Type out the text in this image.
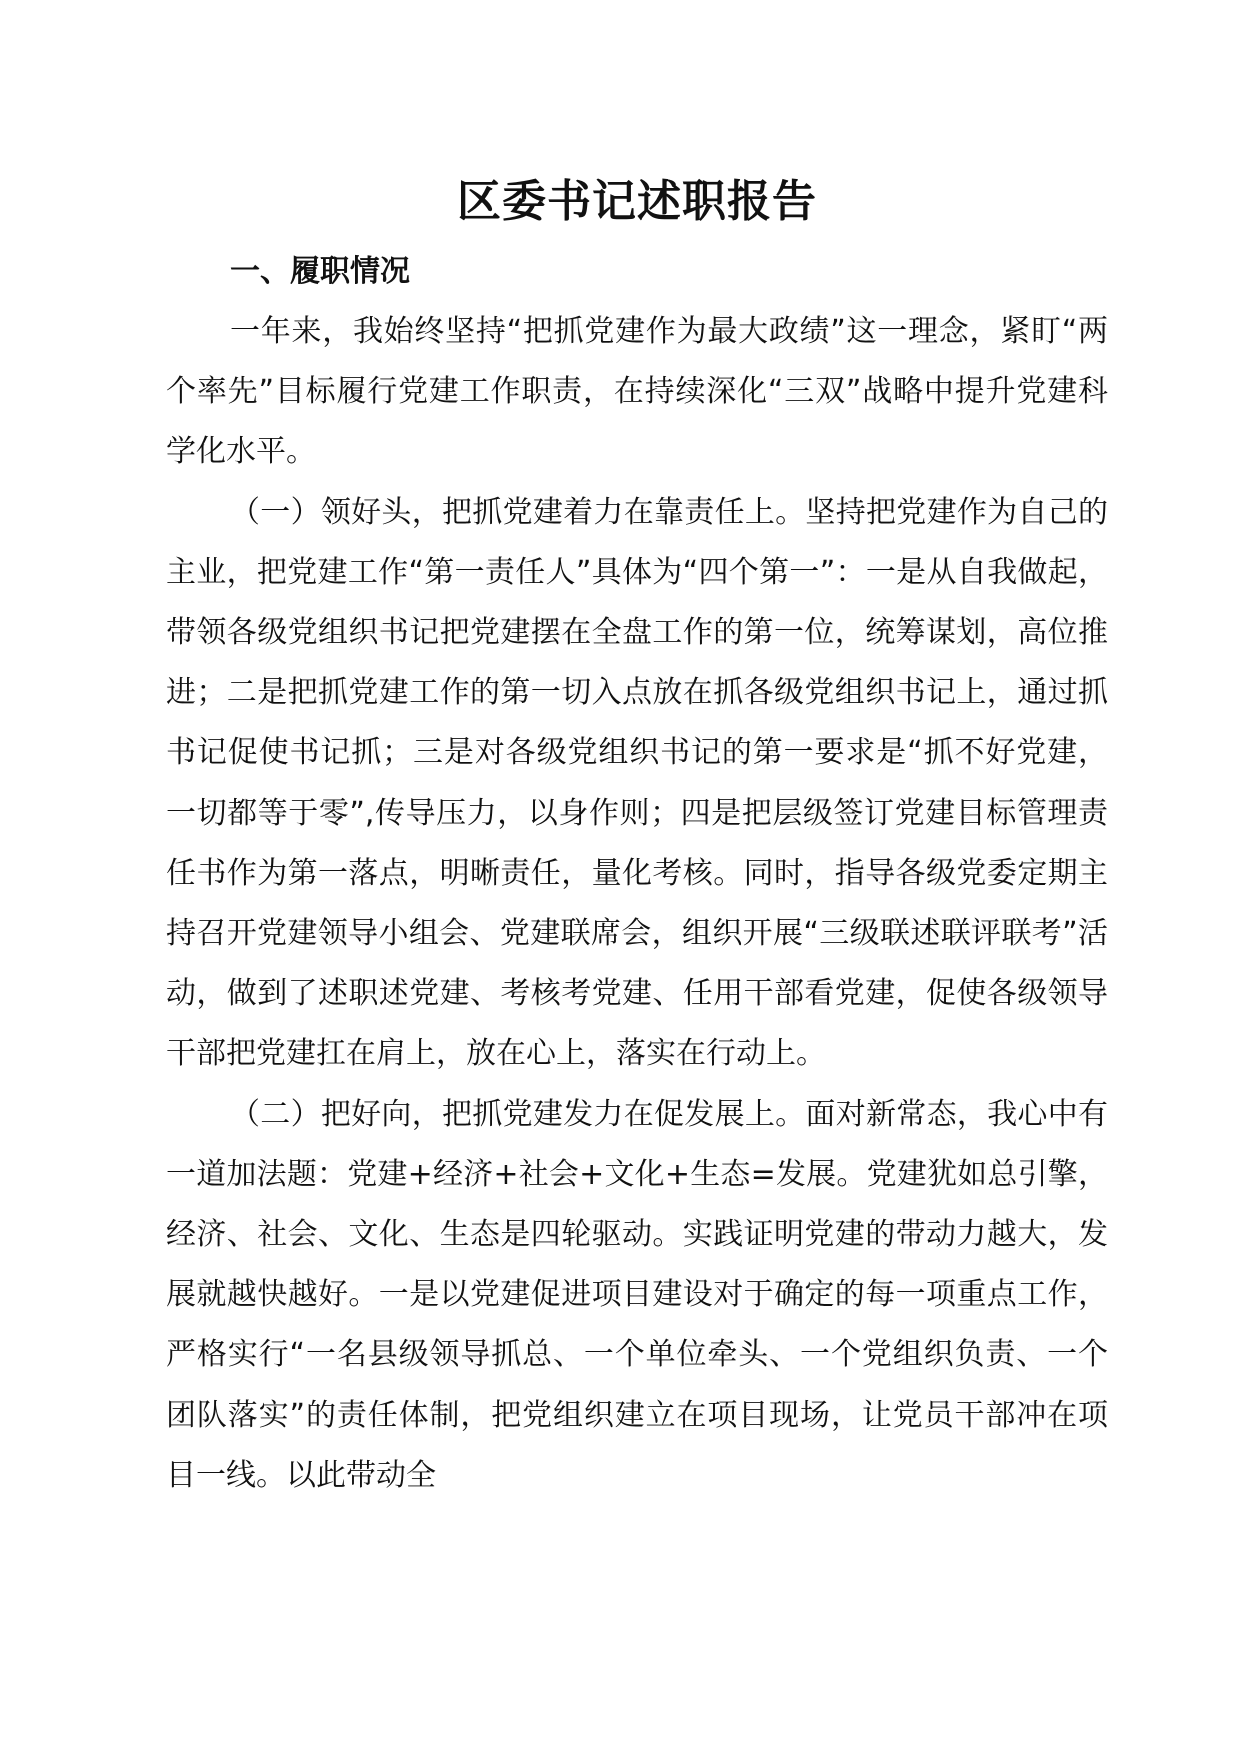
区委书记述职报告
一、履职情况

一年来，我始终坚持“把抓党建作为最大政绩”这一理念，紧盯“两个率先”目标履行党建工作职责，在持续深化“三双”战略中提升党建科学化水平。

（一）领好头，把抓党建着力在靠责任上。坚持把党建作为自己的主业，把党建工作“第一责任人”具体为“四个第一”：一是从自我做起，带领各级党组织书记把党建摆在全盘工作的第一位，统筹谋划，高位推进；二是把抓党建工作的第一切入点放在抓各级党组织书记上，通过抓书记促使书记抓；三是对各级党组织书记的第一要求是“抓不好党建，一切都等于零”,传导压力，以身作则；四是把层级签订党建目标管理责任书作为第一落点，明晰责任，量化考核。同时，指导各级党委定期主持召开党建领导小组会、党建联席会，组织开展“三级联述联评联考”活动，做到了述职述党建、考核考党建、任用干部看党建，促使各级领导干部把党建扛在肩上，放在心上，落实在行动上。

（二）把好向，把抓党建发力在促发展上。面对新常态，我心中有一道加法题：党建+经济+社会+文化+生态=发展。党建犹如总引擎，经济、社会、文化、生态是四轮驱动。实践证明党建的带动力越大，发展就越快越好。一是以党建促进项目建设对于确定的每一项重点工作，严格实行“一名县级领导抓总、一个单位牵头、一个党组织负责、一个团队落实”的责任体制，把党组织建立在项目现场，让党员干部冲在项目一线。以此带动全
